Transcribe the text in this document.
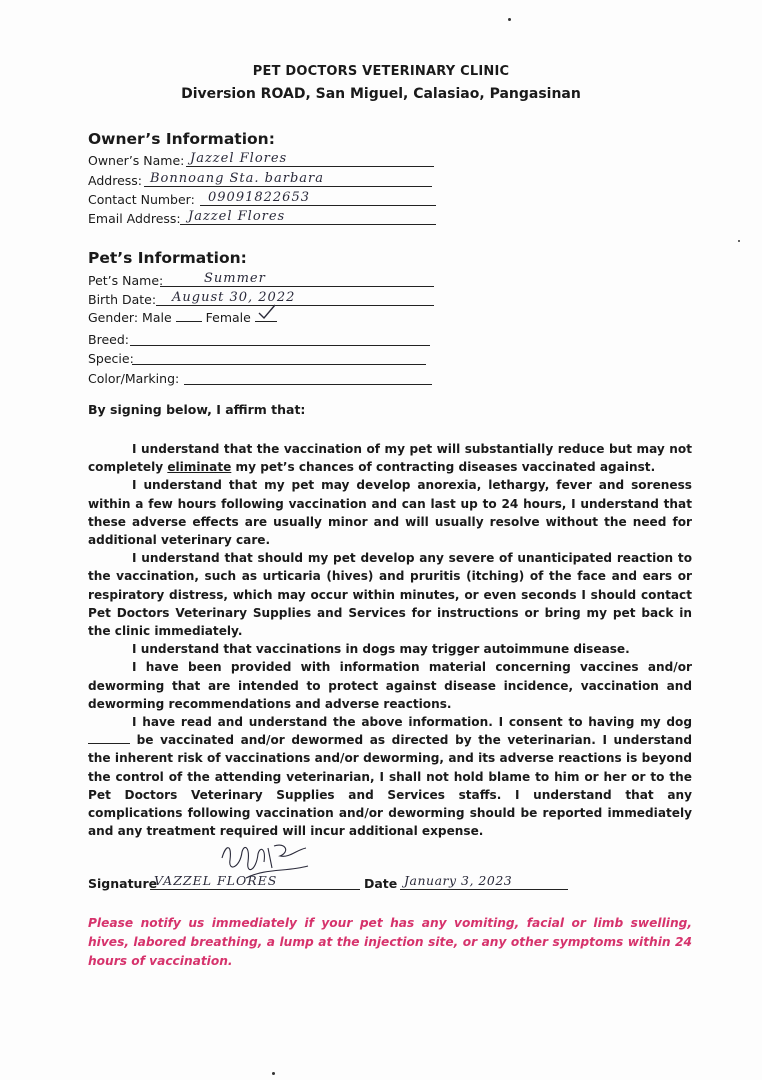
PET DOCTORS VETERINARY CLINIC
Diversion ROAD, San Miguel, Calasiao, Pangasinan
Owner’s Information:
Owner’s Name: Jazzel Flores
Address: Bonnoang Sta. barbara
Contact Number: 09091822653
Email Address: Jazzel Flores
Pet’s Information:
Pet’s Name:	Summer
Birth Date: August 30, 2022
Gender: Male	Female
Breed:
Specie:
Color/Marking:
By signing below, I affirm that:

I understand that the vaccination of my pet will substantially reduce but may not completely eliminate my pet’s chances of contracting diseases vaccinated against.

I understand that my pet may develop anorexia, lethargy, fever and soreness within a few hours following vaccination and can last up to 24 hours, I understand that these adverse effects are usually minor and will usually resolve without the need for additional veterinary care.

I understand that should my pet develop any severe of unanticipated reaction to the vaccination, such as urticaria (hives) and pruritis (itching) of the face and ears or respiratory distress, which may occur within minutes, or even seconds I should contact Pet Doctors Veterinary Supplies and Services for instructions or bring my pet back in the clinic immediately.

I understand that vaccinations in dogs may trigger autoimmune disease.

I have been provided with information material concerning vaccines and/or deworming that are intended to protect against disease incidence, vaccination and deworming recommendations and adverse reactions.

I have read and understand the above information. I consent to having my dog  be vaccinated and/or dewormed as directed by the veterinarian. I understand the inherent risk of vaccinations and/or deworming, and its adverse reactions is beyond the control of the attending veterinarian, I shall not hold blame to him or her or to the Pet Doctors Veterinary Supplies and Services staffs. I understand that any complications following vaccination and/or deworming should be reported immediately and any treatment required will incur additional expense.

Signature
VAZZEL FLORES	Date January 3, 2023
Please notify us immediately if your pet has any vomiting, facial or limb swelling, hives, labored breathing, a lump at the injection site, or any other symptoms within 24 hours of vaccination.
